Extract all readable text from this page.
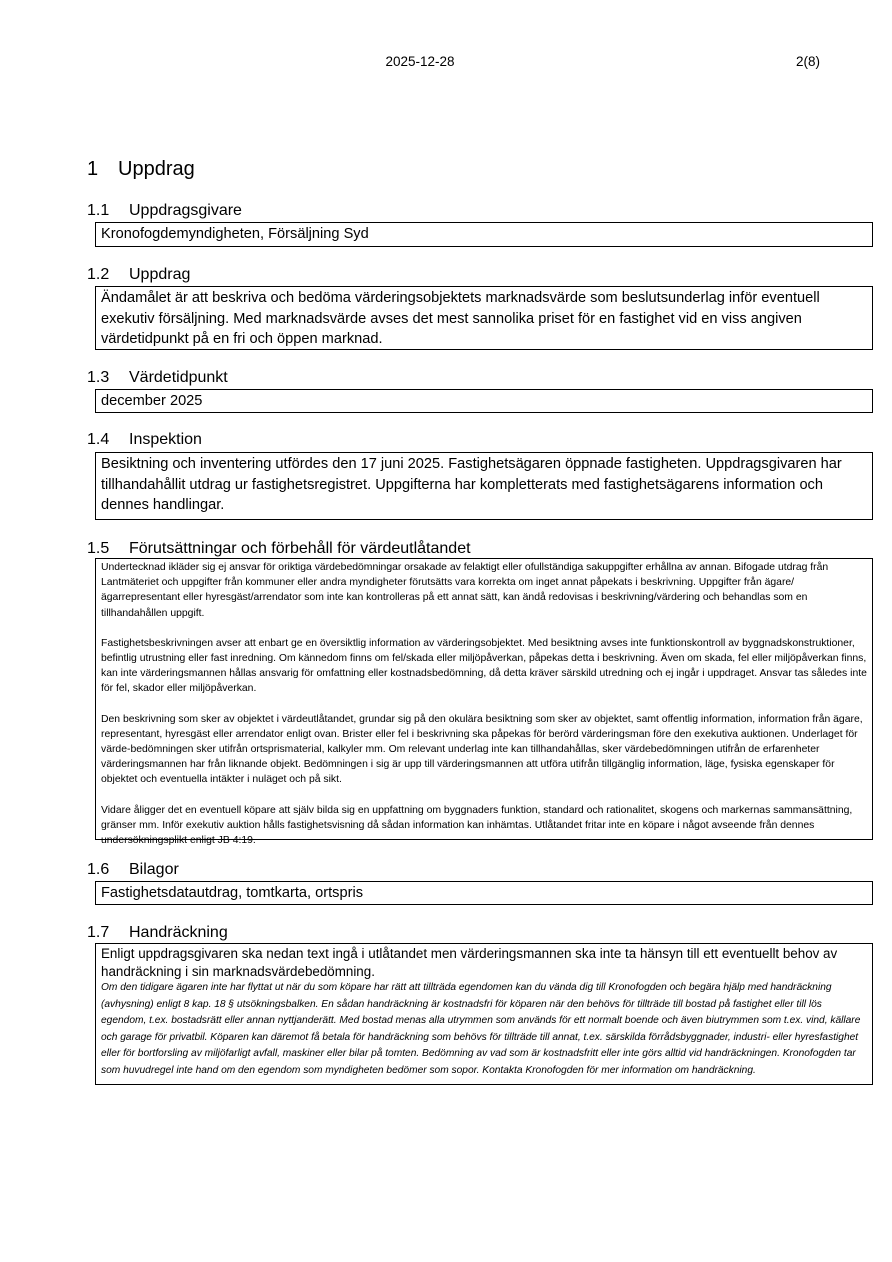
2025-12-28	2(8)
1 Uppdrag
1.1 Uppdragsgivare

Kronofogdemyndigheten, Försäljning Syd

1.2 Uppdrag

Ändamålet är att beskriva och bedöma värderingsobjektets marknadsvärde som beslutsunderlag inför eventuell exekutiv försäljning. Med marknadsvärde avses det mest sannolika priset för en fastighet vid en viss angiven värdetidpunkt på en fri och öppen marknad.

1.3 Värdetidpunkt

december 2025

1.4 Inspektion

Besiktning och inventering utfördes den 17 juni 2025. Fastighetsägaren öppnade fastigheten. Uppdragsgivaren har tillhandahållit utdrag ur fastighetsregistret. Uppgifterna har kompletterats med fastighetsägarens information och dennes handlingar.

1.5 Förutsättningar och förbehåll för värdeutlåtandet

Undertecknad ikläder sig ej ansvar för oriktiga värdebedömningar orsakade av felaktigt eller ofullständiga sakuppgifter erhållna av annan. Bifogade utdrag från Lantmäteriet och uppgifter från kommuner eller andra myndigheter förutsätts vara korrekta om inget annat påpekats i beskrivning. Uppgifter från ägare/ägarrepresentant eller hyresgäst/arrendator som inte kan kontrolleras på ett annat sätt, kan ändå redovisas i beskrivning/värdering och behandlas som en tillhandahållen uppgift.

Fastighetsbeskrivningen avser att enbart ge en översiktlig information av värderingsobjektet. Med besiktning avses inte funktionskontroll av byggnadskonstruktioner, befintlig utrustning eller fast inredning. Om kännedom finns om fel/skada eller miljöpåverkan, påpekas detta i beskrivning. Även om skada, fel eller miljöpåverkan finns, kan inte värderingsmannen hållas ansvarig för omfattning eller kostnadsbedömning, då detta kräver särskild utredning och ej ingår i uppdraget. Ansvar tas således inte för fel, skador eller miljöpåverkan.

Den beskrivning som sker av objektet i värdeutlåtandet, grundar sig på den okulära besiktning som sker av objektet, samt offentlig information, information från ägare, representant, hyresgäst eller arrendator enligt ovan. Brister eller fel i beskrivning ska påpekas för berörd värderingsman före den exekutiva auktionen. Underlaget för värde-bedömningen sker utifrån ortsprismaterial, kalkyler mm. Om relevant underlag inte kan tillhandahållas, sker värdebedömningen utifrån de erfarenheter värderingsmannen har från liknande objekt. Bedömningen i sig är upp till värderingsmannen att utföra utifrån tillgänglig information, läge, fysiska egenskaper för objektet och eventuella intäkter i nuläget och på sikt.

Vidare åligger det en eventuell köpare att själv bilda sig en uppfattning om byggnaders funktion, standard och rationalitet, skogens och markernas sammansättning, gränser mm. Inför exekutiv auktion hålls fastighetsvisning då sådan information kan inhämtas. Utlåtandet fritar inte en köpare i något avseende från dennes undersökningsplikt enligt JB 4:19.

1.6 Bilagor

Fastighetsdatautdrag, tomtkarta, ortspris

1.7 Handräckning

Enligt uppdragsgivaren ska nedan text ingå i utlåtandet men värderingsmannen ska inte ta hänsyn till ett eventuellt behov av handräckning i sin marknadsvärdebedömning.

Om den tidigare ägaren inte har flyttat ut när du som köpare har rätt att tillträda egendomen kan du vända dig till Kronofogden och begära hjälp med handräckning (avhysning) enligt 8 kap. 18 § utsökningsbalken. En sådan handräckning är kostnadsfri för köparen när den behövs för tillträde till bostad på fastighet eller till lös egendom, t.ex. bostadsrätt eller annan nyttjanderätt. Med bostad menas alla utrymmen som används för ett normalt boende och även biutrymmen som t.ex. vind, källare och garage för privatbil. Köparen kan däremot få betala för handräckning som behövs för tillträde till annat, t.ex. särskilda förrådsbyggnader, industri- eller hyresfastighet eller för bortforsling av miljöfarligt avfall, maskiner eller bilar på tomten. Bedömning av vad som är kostnadsfritt eller inte görs alltid vid handräckningen. Kronofogden tar som huvudregel inte hand om den egendom som myndigheten bedömer som sopor. Kontakta Kronofogden för mer information om handräckning.
